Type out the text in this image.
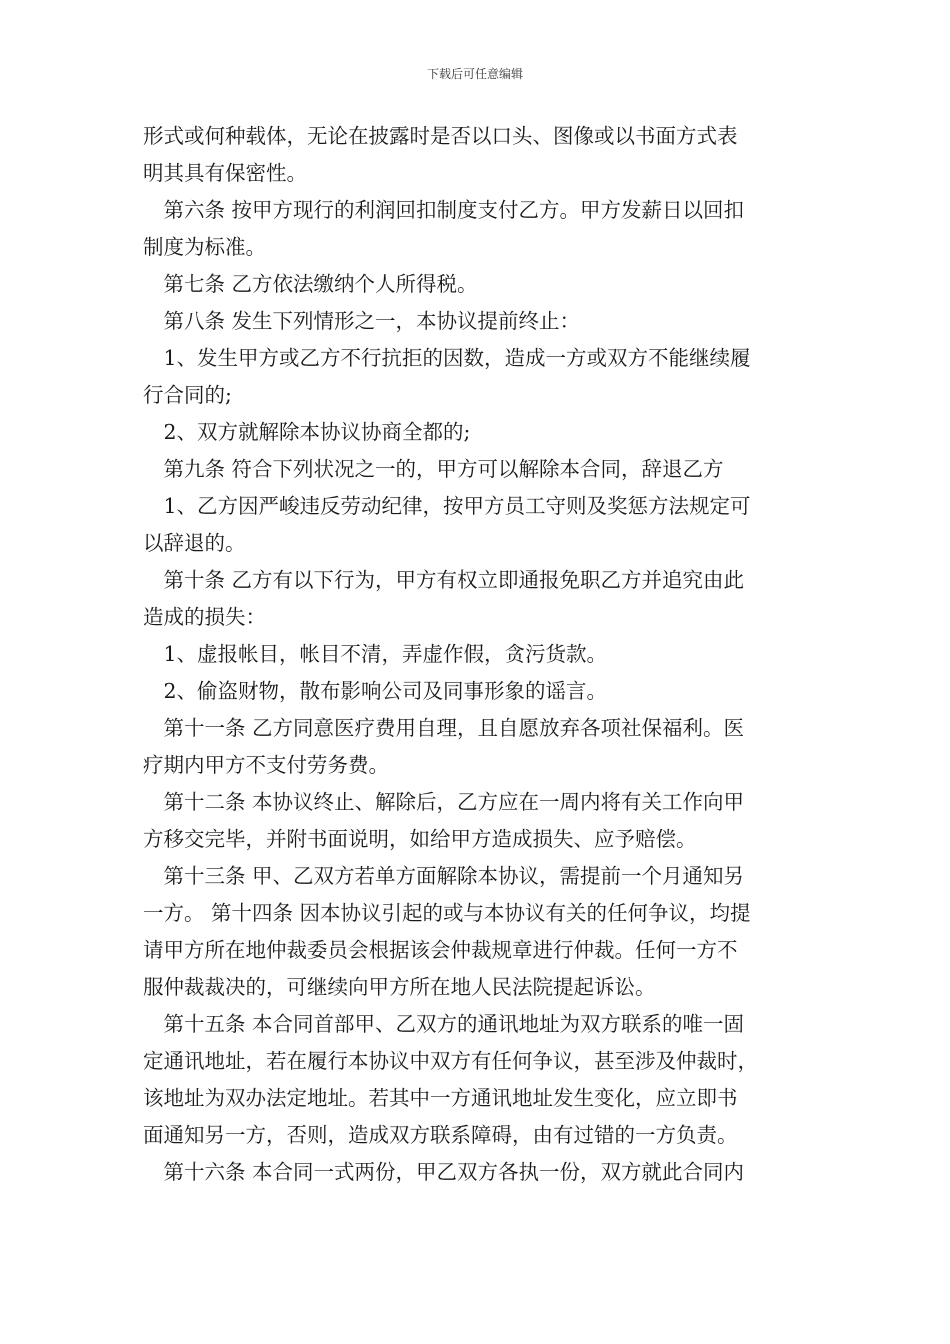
下载后可任意编辑

形式或何种载体，无论在披露时是否以口头、图像或以书面方式表

明其具有保密性。

　第六条 按甲方现行的利润回扣制度支付乙方。甲方发薪日以回扣

制度为标准。

　第七条 乙方依法缴纳个人所得税。

　第八条 发生下列情形之一，本协议提前终止：

　1、发生甲方或乙方不行抗拒的因数，造成一方或双方不能继续履

行合同的;

　2、双方就解除本协议协商全都的;

　第九条 符合下列状况之一的，甲方可以解除本合同，辞退乙方

　1、乙方因严峻违反劳动纪律，按甲方员工守则及奖惩方法规定可

以辞退的。

　第十条 乙方有以下行为，甲方有权立即通报免职乙方并追究由此

造成的损失：

　1、虚报帐目，帐目不清，弄虚作假，贪污货款。

　2、偷盗财物，散布影响公司及同事形象的谣言。

　第十一条 乙方同意医疗费用自理，且自愿放弃各项社保福利。医

疗期内甲方不支付劳务费。

　第十二条 本协议终止、解除后，乙方应在一周内将有关工作向甲

方移交完毕，并附书面说明，如给甲方造成损失、应予赔偿。

　第十三条 甲、乙双方若单方面解除本协议，需提前一个月通知另

一方。 第十四条 因本协议引起的或与本协议有关的任何争议，均提

请甲方所在地仲裁委员会根据该会仲裁规章进行仲裁。任何一方不

服仲裁裁决的，可继续向甲方所在地人民法院提起诉讼。

　第十五条 本合同首部甲、乙双方的通讯地址为双方联系的唯一固

定通讯地址，若在履行本协议中双方有任何争议，甚至涉及仲裁时，

该地址为双办法定地址。若其中一方通讯地址发生变化，应立即书

面通知另一方，否则，造成双方联系障碍，由有过错的一方负责。

　第十六条 本合同一式两份，甲乙双方各执一份，双方就此合同内
